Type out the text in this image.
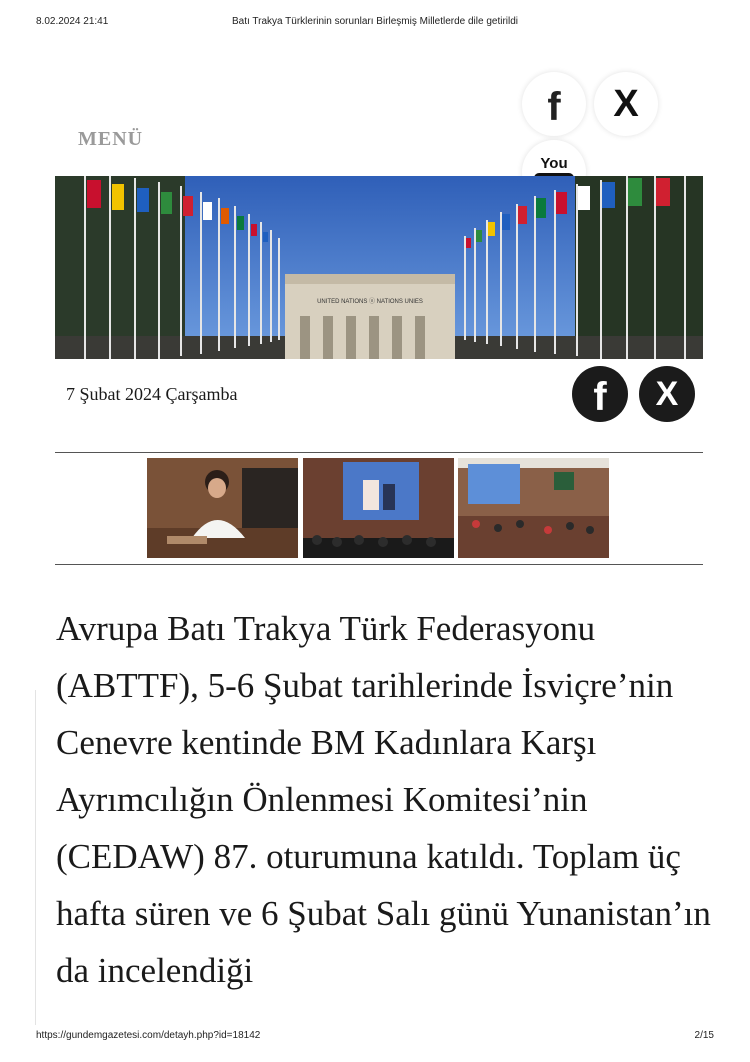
8.02.2024 21:41	Batı Trakya Türklerinin sorunları Birleşmiş Milletlerde dile getirildi
MENÜ
f X
You
UNITED NATIONS ⓤ NATIONS UNIES
7 Şubat 2024 Çarşamba	f X

Avrupa Batı Trakya Türk Federasyonu (ABTTF), 5-6 Şubat tarihlerinde İsviçre’nin Cenevre kentinde BM Kadınlara Karşı Ayrımcılığın Önlenmesi Komitesi’nin (CEDAW) 87. oturumuna katıldı. Toplam üç hafta süren ve 6 Şubat Salı günü Yunanistan’ın da incelendiği

https://gundemgazetesi.com/detayh.php?id=18142	2/15
